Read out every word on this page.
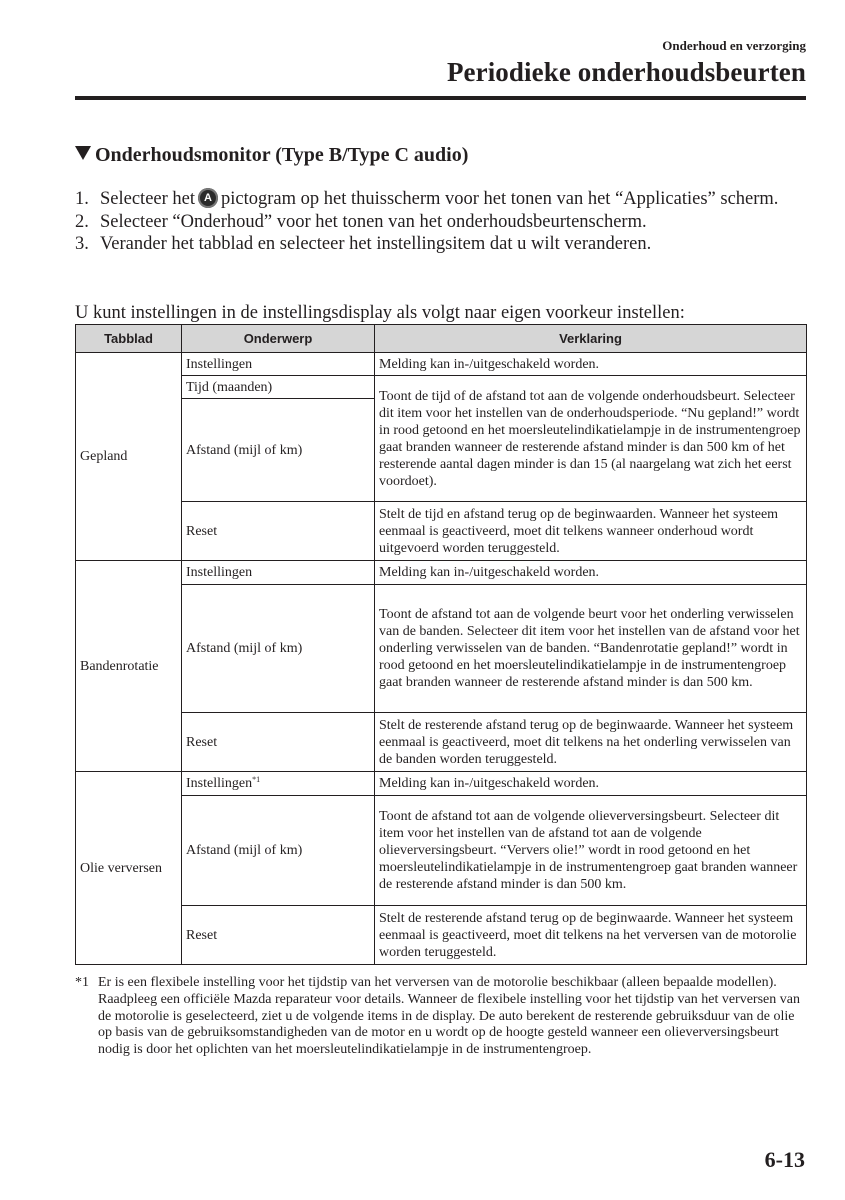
Onderhoud en verzorging
Periodieke onderhoudsbeurten
Onderhoudsmonitor (Type B/Type C audio)
1. Selecteer het A pictogram op het thuisscherm voor het tonen van het “Applicaties” scherm.
2. Selecteer “Onderhoud” voor het tonen van het onderhoudsbeurtenscherm.
3. Verander het tabblad en selecteer het instellingsitem dat u wilt veranderen.
U kunt instellingen in de instellingsdisplay als volgt naar eigen voorkeur instellen:
Tabblad	Onderwerp	Verklaring
Gepland	Instellingen	Melding kan in-/uitgeschakeld worden.
	Tijd (maanden)	Toont de tijd of de afstand tot aan de volgende onderhoudsbeurt. Selecteer dit item voor het instellen van de onderhoudsperiode. “Nu gepland!” wordt in rood getoond en het moersleutelindikatielampje in de instrumentengroep gaat branden wanneer de resterende afstand minder is dan 500 km of het resterende aantal dagen minder is dan 15 (al naargelang wat zich het eerst voordoet).
	Afstand (mijl of km)	
	Reset	Stelt de tijd en afstand terug op de beginwaarden. Wanneer het systeem eenmaal is geactiveerd, moet dit telkens wanneer onderhoud wordt uitgevoerd worden teruggesteld.
Bandenrotatie	Instellingen	Melding kan in-/uitgeschakeld worden.
	Afstand (mijl of km)	Toont de afstand tot aan de volgende beurt voor het onderling verwisselen van de banden. Selecteer dit item voor het instellen van de afstand voor het onderling verwisselen van de banden. “Bandenrotatie gepland!” wordt in rood getoond en het moersleutelindikatielampje in de instrumentengroep gaat branden wanneer de resterende afstand minder is dan 500 km.
	Reset	Stelt de resterende afstand terug op de beginwaarde. Wanneer het systeem eenmaal is geactiveerd, moet dit telkens na het onderling verwisselen van de banden worden teruggesteld.
Olie verversen	Instellingen$^{*1}$	Melding kan in-/uitgeschakeld worden.
	Afstand (mijl of km)	Toont de afstand tot aan de volgende olieverversingsbeurt. Selecteer dit item voor het instellen van de afstand tot aan de volgende olieverversingsbeurt. “Ververs olie!” wordt in rood getoond en het moersleutelindikatielampje in de instrumentengroep gaat branden wanneer de resterende afstand minder is dan 500 km.
	Reset	Stelt de resterende afstand terug op de beginwaarde. Wanneer het systeem eenmaal is geactiveerd, moet dit telkens na het verversen van de motorolie worden teruggesteld.
*1 Er is een flexibele instelling voor het tijdstip van het verversen van de motorolie beschikbaar (alleen bepaalde modellen). Raadpleeg een officiële Mazda reparateur voor details. Wanneer de flexibele instelling voor het tijdstip van het verversen van de motorolie is geselecteerd, ziet u de volgende items in de display. De auto berekent de resterende gebruiksduur van de olie op basis van de gebruiksomstandigheden van de motor en u wordt op de hoogte gesteld wanneer een olieverversingsbeurt nodig is door het oplichten van het moersleutelindikatielampje in de instrumentengroep.
6-13
